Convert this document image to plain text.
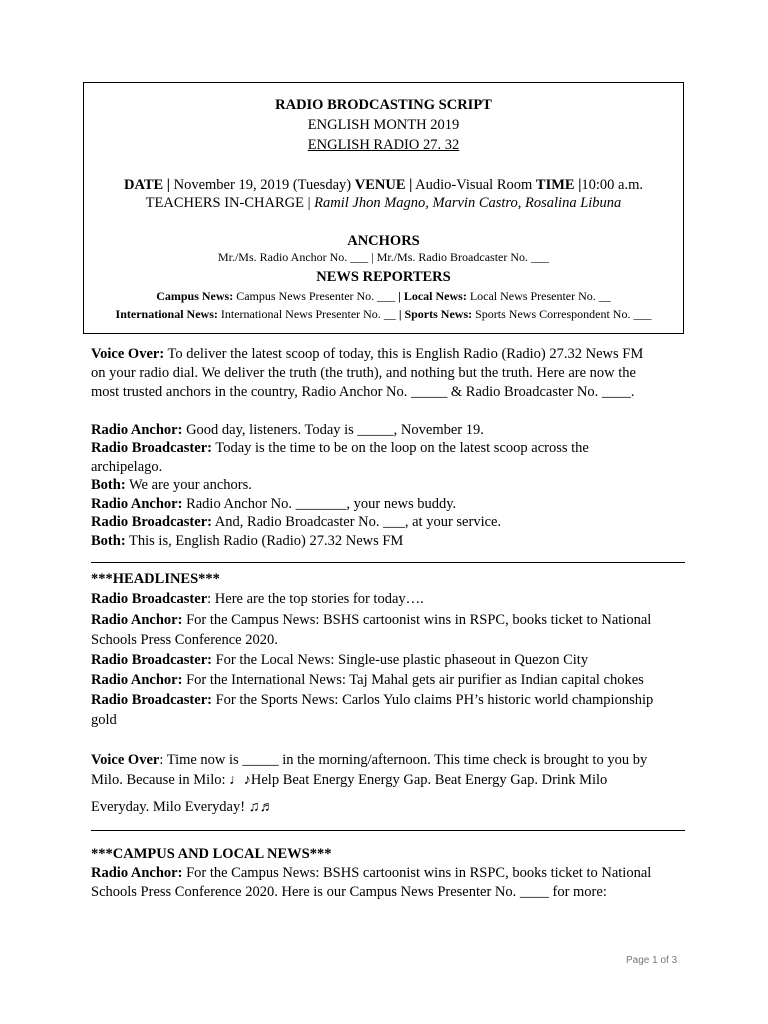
RADIO BRODCASTING SCRIPT
ENGLISH MONTH 2019
ENGLISH RADIO 27. 32
DATE | November 19, 2019 (Tuesday) VENUE | Audio-Visual Room TIME |10:00 a.m.
TEACHERS IN-CHARGE | Ramil Jhon Magno, Marvin Castro, Rosalina Libuna
ANCHORS
Mr./Ms. Radio Anchor No. ___ | Mr./Ms. Radio Broadcaster No. ___
NEWS REPORTERS
Campus News: Campus News Presenter No. ___ | Local News: Local News Presenter No. __
International News: International News Presenter No. __ | Sports News: Sports News Correspondent No. ___
Voice Over: To deliver the latest scoop of today, this is English Radio (Radio) 27.32 News FM
on your radio dial. We deliver the truth (the truth), and nothing but the truth. Here are now the
most trusted anchors in the country, Radio Anchor No. _____ & Radio Broadcaster No. ____.
Radio Anchor: Good day, listeners. Today is _____, November 19.
Radio Broadcaster: Today is the time to be on the loop on the latest scoop across the
archipelago.
Both: We are your anchors.
Radio Anchor: Radio Anchor No. _______, your news buddy.
Radio Broadcaster: And, Radio Broadcaster No. ___, at your service.
Both: This is, English Radio (Radio) 27.32 News FM
***HEADLINES***
Radio Broadcaster: Here are the top stories for today….
Radio Anchor: For the Campus News: BSHS cartoonist wins in RSPC, books ticket to National
Schools Press Conference 2020.
Radio Broadcaster: For the Local News: Single-use plastic phaseout in Quezon City
Radio Anchor: For the International News: Taj Mahal gets air purifier as Indian capital chokes
Radio Broadcaster: For the Sports News: Carlos Yulo claims PH’s historic world championship
gold
Voice Over: Time now is _____ in the morning/afternoon. This time check is brought to you by
Milo. Because in Milo: ♩♪Help Beat Energy Energy Gap. Beat Energy Gap. Drink Milo
Everyday. Milo Everyday! ♫♬
***CAMPUS AND LOCAL NEWS***
Radio Anchor: For the Campus News: BSHS cartoonist wins in RSPC, books ticket to National
Schools Press Conference 2020. Here is our Campus News Presenter No. ____ for more:
Page 1 of 3
